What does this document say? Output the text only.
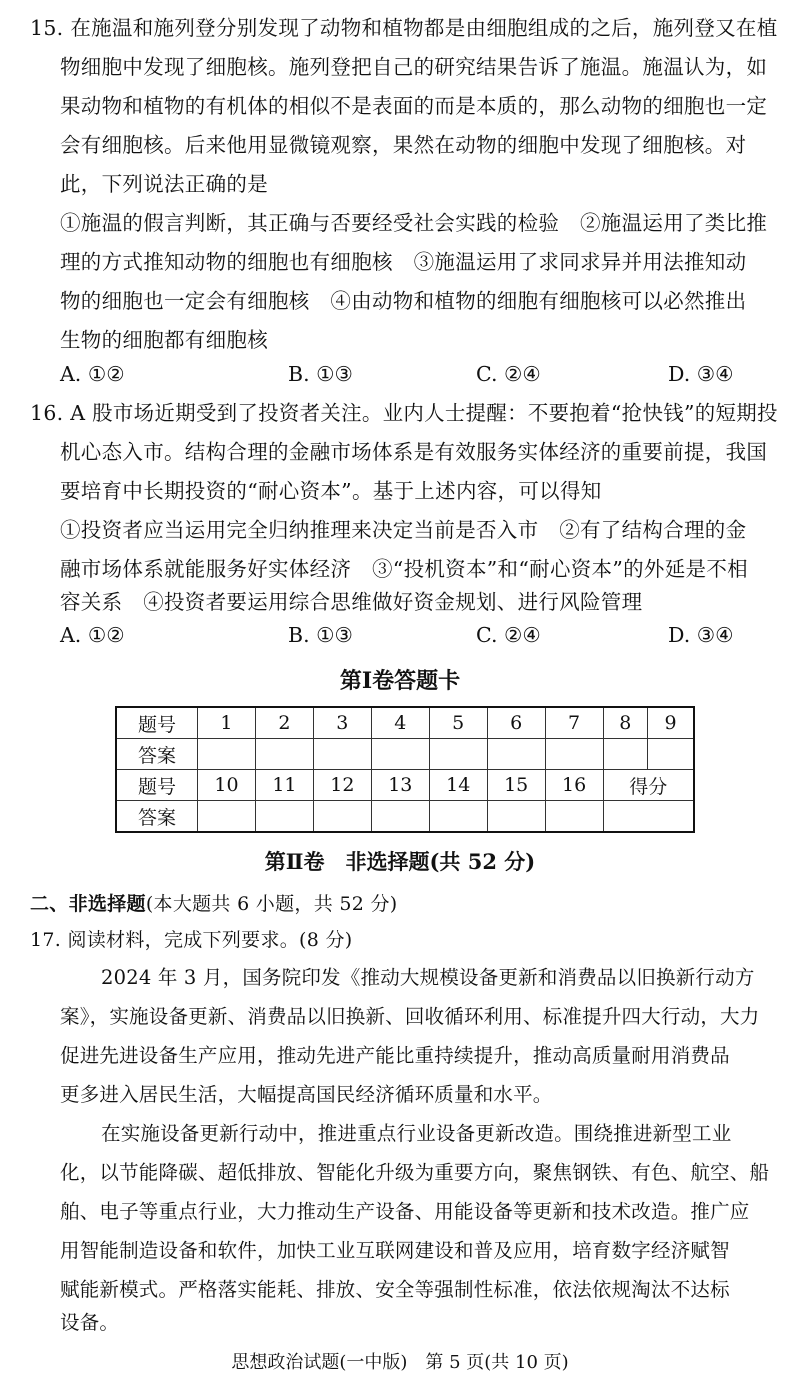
15. 在施温和施列登分别发现了动物和植物都是由细胞组成的之后，施列登又在植
物细胞中发现了细胞核。施列登把自己的研究结果告诉了施温。施温认为，如
果动物和植物的有机体的相似不是表面的而是本质的，那么动物的细胞也一定
会有细胞核。后来他用显微镜观察，果然在动物的细胞中发现了细胞核。对
此，下列说法正确的是
①施温的假言判断，其正确与否要经受社会实践的检验　②施温运用了类比推
理的方式推知动物的细胞也有细胞核　③施温运用了求同求异并用法推知动
物的细胞也一定会有细胞核　④由动物和植物的细胞有细胞核可以必然推出
生物的细胞都有细胞核
A. ①②	B. ①③	C. ②④	D. ③④
16. A 股市场近期受到了投资者关注。业内人士提醒：不要抱着“抢快钱”的短期投
机心态入市。结构合理的金融市场体系是有效服务实体经济的重要前提，我国
要培育中长期投资的“耐心资本”。基于上述内容，可以得知
①投资者应当运用完全归纳推理来决定当前是否入市　②有了结构合理的金
融市场体系就能服务好实体经济　③“投机资本”和“耐心资本”的外延是不相
容关系　④投资者要运用综合思维做好资金规划、进行风险管理
A. ①②	B. ①③	C. ②④	D. ③④
第Ⅰ卷答题卡
题号	1	2	3	4	5	6	7	8	9
答案									
题号	10	11	12	13	14	15	16	得分	
答案									
第Ⅱ卷　非选择题(共 52 分)
二、非选择题(本大题共 6 小题，共 52 分)
17. 阅读材料，完成下列要求。(8 分)
2024 年 3 月，国务院印发《推动大规模设备更新和消费品以旧换新行动方
案》，实施设备更新、消费品以旧换新、回收循环利用、标准提升四大行动，大力
促进先进设备生产应用，推动先进产能比重持续提升，推动高质量耐用消费品
更多进入居民生活，大幅提高国民经济循环质量和水平。
在实施设备更新行动中，推进重点行业设备更新改造。围绕推进新型工业
化，以节能降碳、超低排放、智能化升级为重要方向，聚焦钢铁、有色、航空、船
舶、电子等重点行业，大力推动生产设备、用能设备等更新和技术改造。推广应
用智能制造设备和软件，加快工业互联网建设和普及应用，培育数字经济赋智
赋能新模式。严格落实能耗、排放、安全等强制性标准，依法依规淘汰不达标
设备。
思想政治试题(一中版)　第 5 页(共 10 页)
